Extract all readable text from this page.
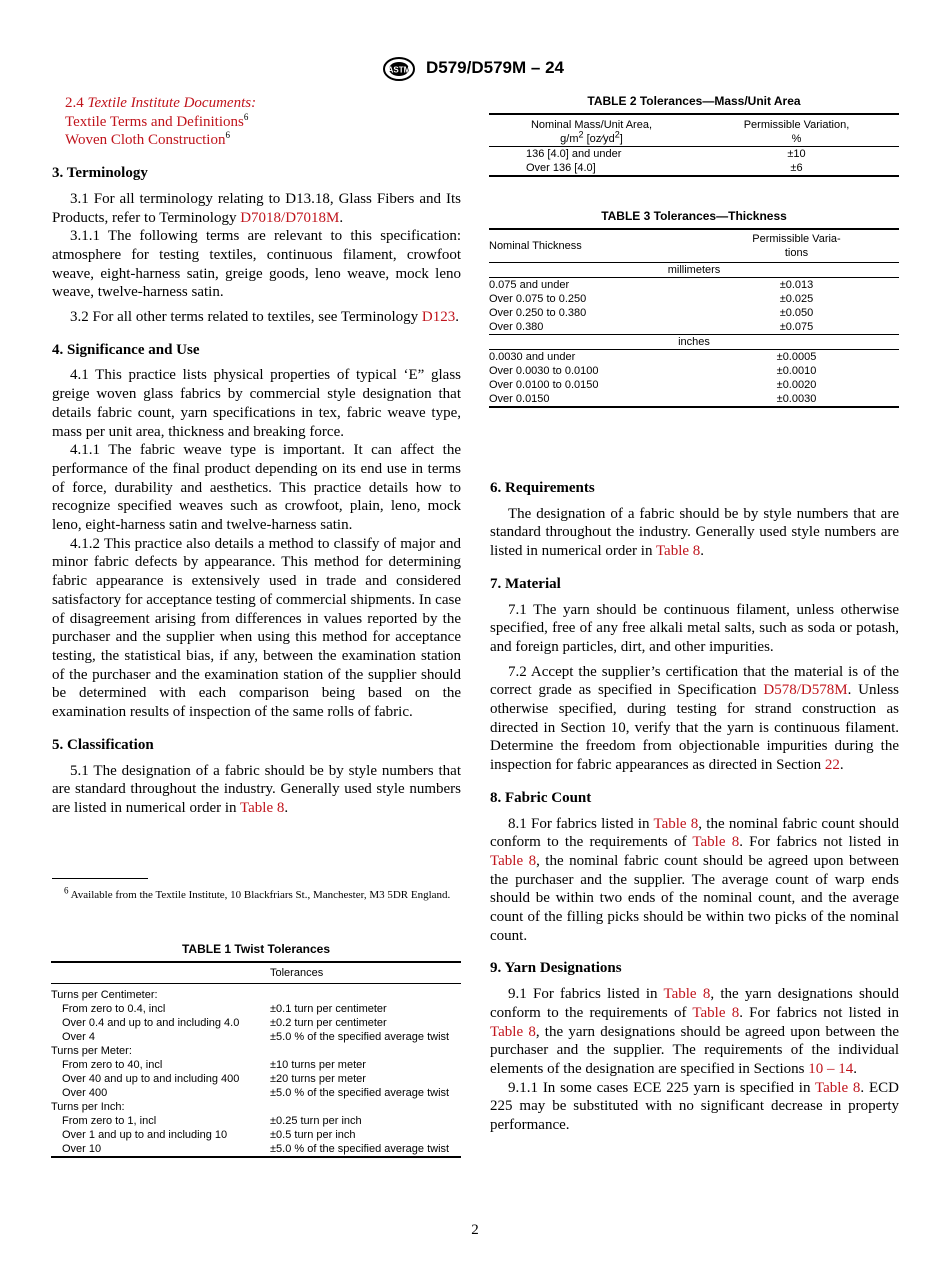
ASTM D579/D579M – 24

2.4 Textile Institute Documents:

Textile Terms and Definitions$^6$

Woven Cloth Construction$^6$

3. Terminology

3.1 For all terminology relating to D13.18, Glass Fibers and Its Products, refer to Terminology D7018/D7018M.

3.1.1 The following terms are relevant to this specification: atmosphere for testing textiles, continuous filament, crowfoot weave, eight-harness satin, greige goods, leno weave, mock leno weave, twelve-harness satin.

3.2 For all other terms related to textiles, see Terminology D123.

4. Significance and Use

4.1 This practice lists physical properties of typical ‘E” glass greige woven glass fabrics by commercial style designation that details fabric count, yarn specifications in tex, fabric weave type, mass per unit area, thickness and breaking force.

4.1.1 The fabric weave type is important. It can affect the performance of the final product depending on its end use in terms of force, durability and aesthetics. This practice details how to recognize specified weaves such as crowfoot, plain, leno, mock leno, eight-harness satin and twelve-harness satin.

4.1.2 This practice also details a method to classify of major and minor fabric defects by appearance. This method for determining fabric appearance is extensively used in trade and considered satisfactory for acceptance testing of commercial shipments. In case of disagreement arising from differences in values reported by the purchaser and the supplier when using this method for acceptance testing, the statistical bias, if any, between the examination station of the purchaser and the examination station of the supplier should be determined with each comparison being based on the examination results of inspection of the same rolls of fabric.

5. Classification

5.1 The designation of a fabric should be by style numbers that are standard throughout the industry. Generally used style numbers are listed in numerical order in Table 8.

$^6$ Available from the Textile Institute, 10 Blackfriars St., Manchester, M3 5DR England.
TABLE 1 Twist Tolerances
	Tolerances
Turns per Centimeter:	
From zero to 0.4, incl	±0.1 turn per centimeter
Over 0.4 and up to and including 4.0	±0.2 turn per centimeter
Over 4	±5.0 % of the specified average twist
Turns per Meter:	
From zero to 40, incl	±10 turns per meter
Over 40 and up to and including 400	±20 turns per meter
Over 400	±5.0 % of the specified average twist
Turns per Inch:	
From zero to 1, incl	±0.25 turn per inch
Over 1 and up to and including 10	±0.5 turn per inch
Over 10	±5.0 % of the specified average twist
TABLE 2 Tolerances—Mass/Unit Area
Nominal Mass/Unit Area,
$g/m^2$ $[oz⁄yd^2]$	Permissible Variation,
%
136 [4.0] and under	±10
Over 136 [4.0]	±6
TABLE 3 Tolerances—Thickness
Nominal Thickness	Permissible Varia-
tions
millimeters	
0.075 and under	±0.013
Over 0.075 to 0.250	±0.025
Over 0.250 to 0.380	±0.050
Over 0.380	±0.075
inches	
0.0030 and under	±0.0005
Over 0.0030 to 0.0100	±0.0010
Over 0.0100 to 0.0150	±0.0020
Over 0.0150	±0.0030

6. Requirements

The designation of a fabric should be by style numbers that are standard throughout the industry. Generally used style numbers are listed in numerical order in Table 8.

7. Material

7.1 The yarn should be continuous filament, unless otherwise specified, free of any free alkali metal salts, such as soda or potash, and foreign particles, dirt, and other impurities.

7.2 Accept the supplier’s certification that the material is of the correct grade as specified in Specification D578/D578M. Unless otherwise specified, during testing for strand construction as directed in Section 10, verify that the yarn is continuous filament. Determine the freedom from objectionable impurities during the inspection for fabric appearances as directed in Section 22.

8. Fabric Count

8.1 For fabrics listed in Table 8, the nominal fabric count should conform to the requirements of Table 8. For fabrics not listed in Table 8, the nominal fabric count should be agreed upon between the purchaser and the supplier. The average count of warp ends should be within two ends of the nominal count, and the average count of the filling picks should be within two picks of the nominal count.

9. Yarn Designations

9.1 For fabrics listed in Table 8, the yarn designations should conform to the requirements of Table 8. For fabrics not listed in Table 8, the yarn designations should be agreed upon between the purchaser and the supplier. The requirements of the individual elements of the designation are specified in Sections 10 – 14.

9.1.1 In some cases ECE 225 yarn is specified in Table 8. ECD 225 may be substituted with no significant decrease in property performance.

2
